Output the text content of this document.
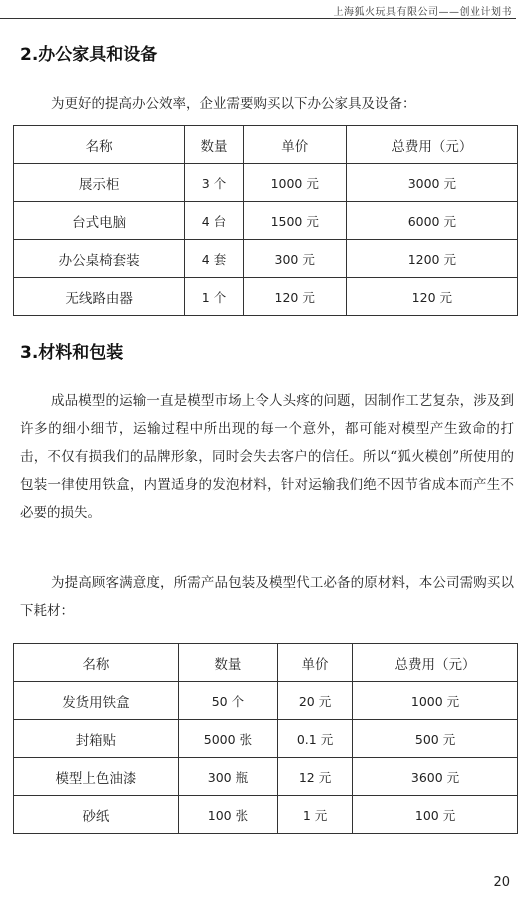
上海狐火玩具有限公司——创业计划书
2.办公家具和设备
为更好的提高办公效率，企业需要购买以下办公家具及设备：
名称	数量	单价	总费用（元）
展示柜	3 个	1000 元	3000 元
台式电脑	4 台	1500 元	6000 元
办公桌椅套装	4 套	300 元	1200 元
无线路由器	1 个	120 元	120 元
3.材料和包装
成品模型的运输一直是模型市场上令人头疼的问题，因制作工艺复杂，涉及到许多的细小细节，运输过程中所出现的每一个意外，都可能对模型产生致命的打击，不仅有损我们的品牌形象，同时会失去客户的信任。所以“狐火模创”所使用的包装一律使用铁盒，内置适身的发泡材料，针对运输我们绝不因节省成本而产生不必要的损失。
为提高顾客满意度，所需产品包装及模型代工必备的原材料，本公司需购买以下耗材：
名称	数量	单价	总费用（元）
发货用铁盒	50 个	20 元	1000 元
封箱贴	5000 张	0.1 元	500 元
模型上色油漆	300 瓶	12 元	3600 元
砂纸	100 张	1 元	100 元
20
